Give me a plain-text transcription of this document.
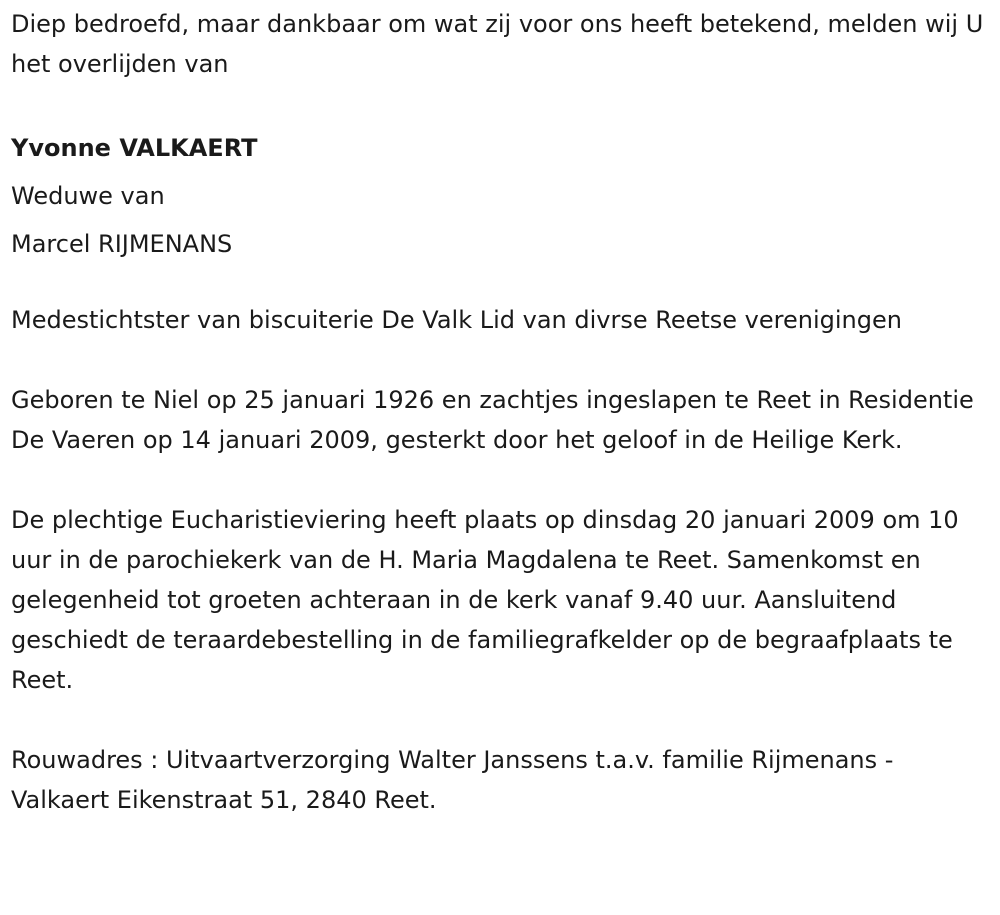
Diep bedroefd, maar dankbaar om wat zij voor ons heeft betekend, melden wij U het overlijden van

Yvonne VALKAERT

Weduwe van

Marcel RIJMENANS

Medestichtster van biscuiterie De Valk Lid van divrse Reetse verenigingen

Geboren te Niel op 25 januari 1926 en zachtjes ingeslapen te Reet in Residentie De Vaeren op 14 januari 2009, gesterkt door het geloof in de Heilige Kerk.

De plechtige Eucharistieviering heeft plaats op dinsdag 20 januari 2009 om 10 uur in de parochiekerk van de H. Maria Magdalena te Reet. Samenkomst en gelegenheid tot groeten achteraan in de kerk vanaf 9.40 uur. Aansluitend geschiedt de teraardebestelling in de familiegrafkelder op de begraafplaats te Reet.

Rouwadres : Uitvaartverzorging Walter Janssens t.a.v. familie Rijmenans - Valkaert Eikenstraat 51, 2840 Reet.
